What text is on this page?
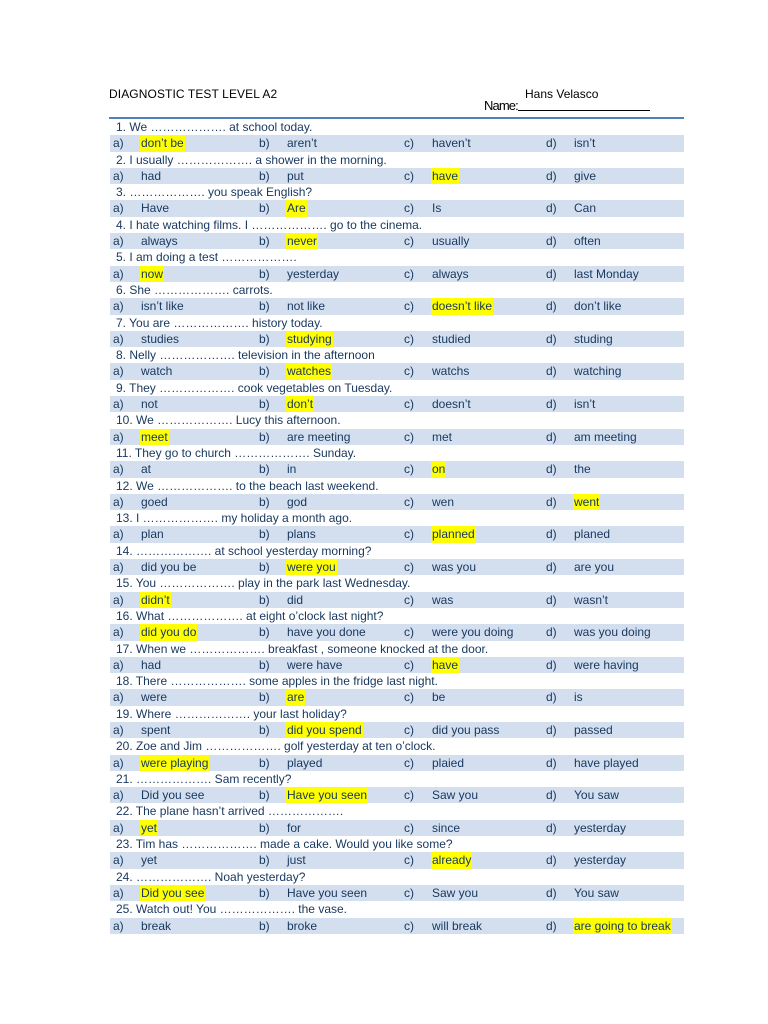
DIAGNOSTIC TEST LEVEL A2	Hans Velasco
Name:
1. We ………………. at school today.
a) don’t be	b) aren’t	c) haven’t	d) isn’t
2. I usually ………………. a shower in the morning.
a) had	b) put	c) have	d) give
3. ………………. you speak English?
a) Have	b) Are	c) Is	d) Can
4. I hate watching films. I ………………. go to the cinema.
a) always	b) never	c) usually	d) often
5. I am doing a test ……………….
a) now	b) yesterday	c) always	d) last Monday
6. She ………………. carrots.
a) isn’t like	b) not like	c) doesn’t like	d) don’t like
7. You are ………………. history today.
a) studies	b) studying	c) studied	d) studing
8. Nelly ………………. television in the afternoon
a) watch	b) watches	c) watchs	d) watching
9. They ………………. cook vegetables on Tuesday.
a) not	b) don’t	c) doesn’t	d) isn’t
10. We ………………. Lucy this afternoon.
a) meet	b) are meeting	c) met	d) am meeting
11. They go to church ………………. Sunday.
a) at	b) in	c) on	d) the
12. We ………………. to the beach last weekend.
a) goed	b) god	c) wen	d) went
13. I ………………. my holiday a month ago.
a) plan	b) plans	c) planned	d) planed
14. ………………. at school yesterday morning?
a) did you be	b) were you	c) was you	d) are you
15. You ………………. play in the park last Wednesday.
a) didn’t	b) did	c) was	d) wasn’t
16. What ………………. at eight o’clock last night?
a) did you do	b) have you done	c) were you doing	d) was you doing
17. When we ………………. breakfast , someone knocked at the door.
a) had	b) were have	c) have	d) were having
18. There ………………. some apples in the fridge last night.
a) were	b) are	c) be	d) is
19. Where ………………. your last holiday?
a) spent	b) did you spend	c) did you pass	d) passed
20. Zoe and Jim ………………. golf yesterday at ten o’clock.
a) were playing	b) played	c) plaied	d) have played
21. ………………. Sam recently?
a) Did you see	b) Have you seen	c) Saw you	d) You saw
22. The plane hasn’t arrived ……………….
a) yet	b) for	c) since	d) yesterday
23. Tim has ………………. made a cake. Would you like some?
a) yet	b) just	c) already	d) yesterday
24. ………………. Noah yesterday?
a) Did you see	b) Have you seen	c) Saw you	d) You saw
25. Watch out! You ………………. the vase.
a) break	b) broke	c) will break	d) are going to break
